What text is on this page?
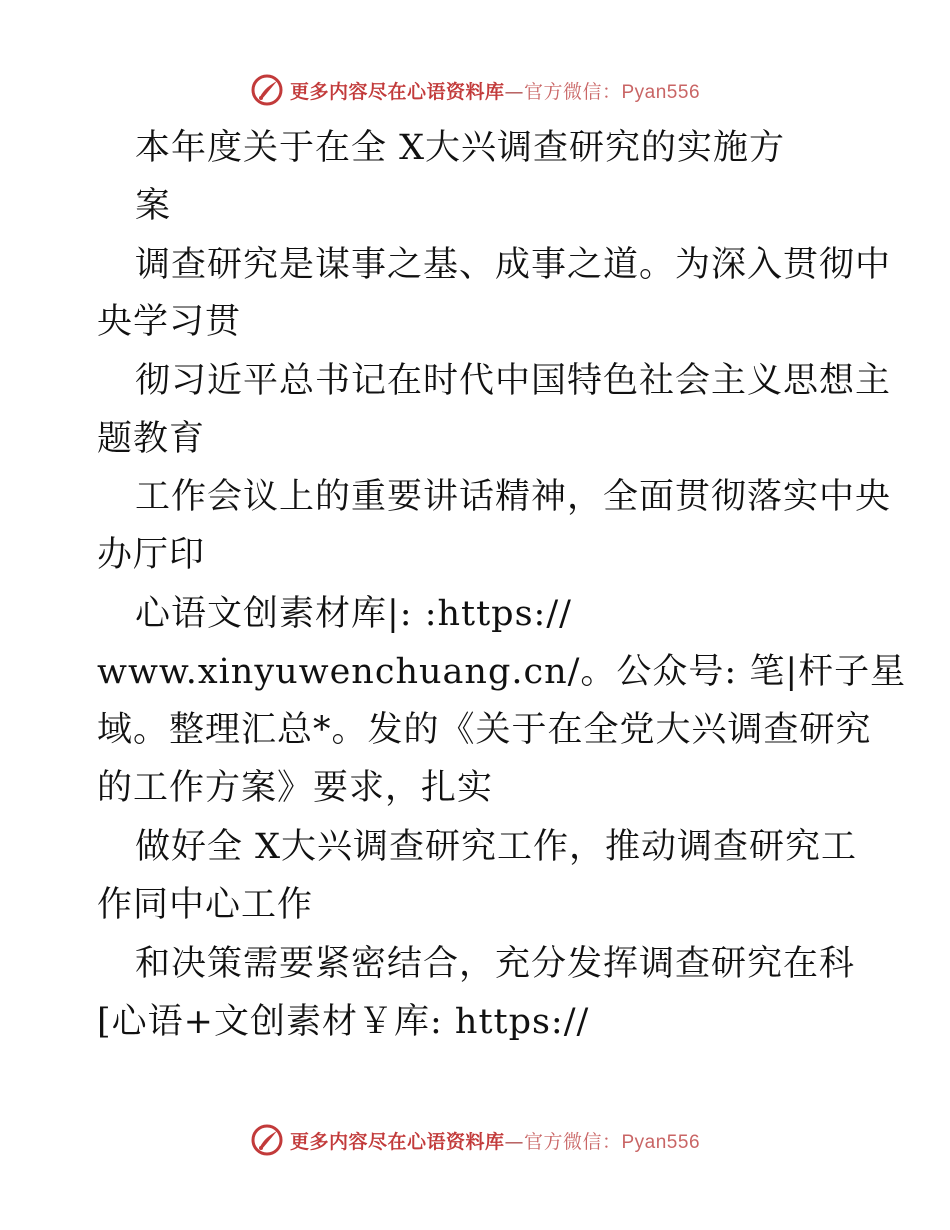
更多内容尽在心语资料库—官方微信：Pyan556
本年度关于在全 X大兴调查研究的实施方
案
调查研究是谋事之基、成事之道。为深入贯彻中
央学习贯
彻习近平总书记在时代中国特色社会主义思想主
题教育
工作会议上的重要讲话精神，全面贯彻落实中央
办厅印
心语文创素材库|: :https://
www.xinyuwenchuang.cn/。公众号: 笔|杆子星
域。整理汇总*。发的《关于在全党大兴调查研究
的工作方案》要求，扎实
做好全 X大兴调查研究工作，推动调查研究工
作同中心工作
和决策需要紧密结合，充分发挥调查研究在科
[心语+文创素材￥库: https://
更多内容尽在心语资料库—官方微信：Pyan556
